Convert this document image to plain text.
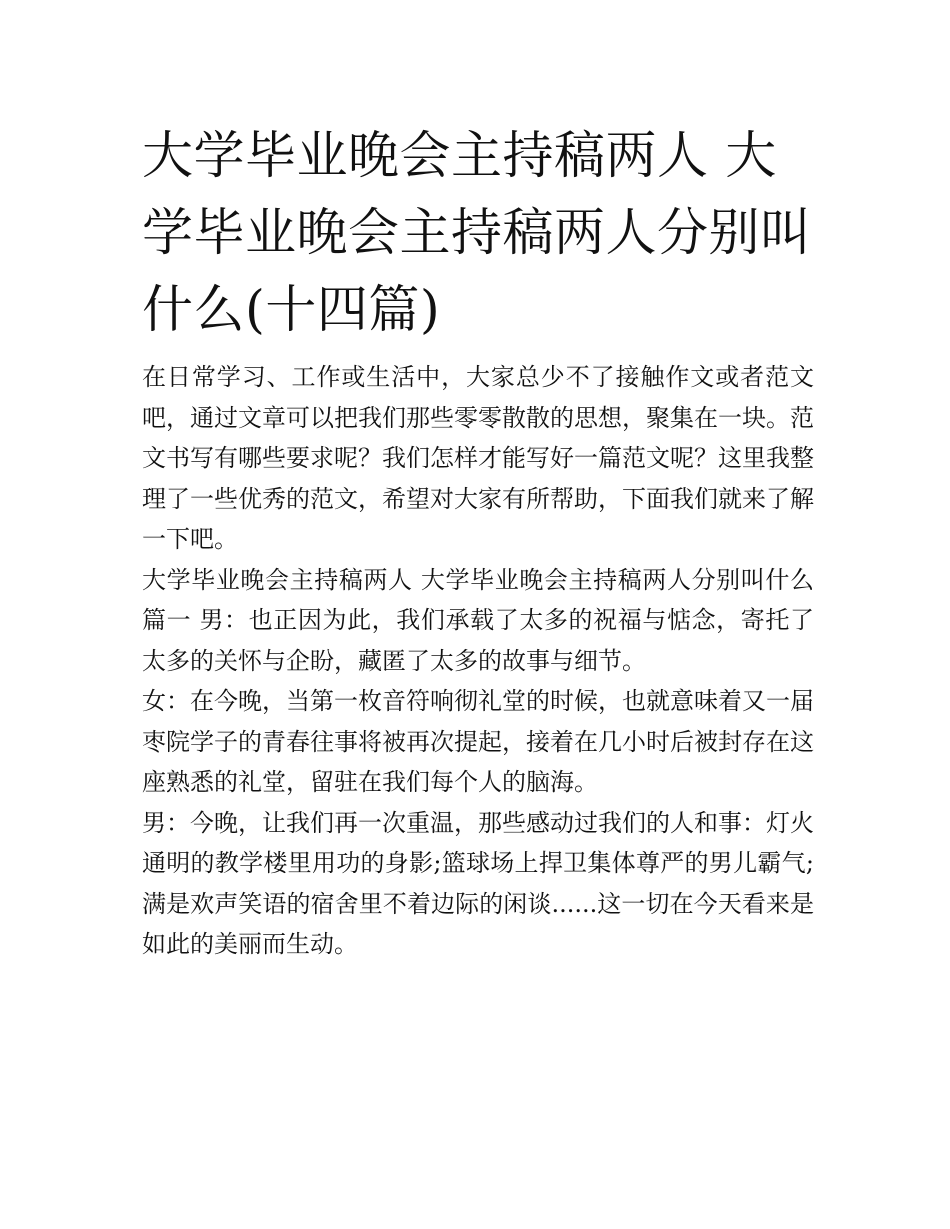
大学毕业晚会主持稿两人 大学毕业晚会主持稿两人分别叫什么(十四篇)

在日常学习、工作或生活中，大家总少不了接触作文或者范文吧，通过文章可以把我们那些零零散散的思想，聚集在一块。范文书写有哪些要求呢？我们怎样才能写好一篇范文呢？这里我整理了一些优秀的范文，希望对大家有所帮助，下面我们就来了解一下吧。

大学毕业晚会主持稿两人 大学毕业晚会主持稿两人分别叫什么篇一 男：也正因为此，我们承载了太多的祝福与惦念，寄托了太多的关怀与企盼，藏匿了太多的故事与细节。

女：在今晚，当第一枚音符响彻礼堂的时候，也就意味着又一届枣院学子的青春往事将被再次提起，接着在几小时后被封存在这座熟悉的礼堂，留驻在我们每个人的脑海。

男：今晚，让我们再一次重温，那些感动过我们的人和事：灯火通明的教学楼里用功的身影;篮球场上捍卫集体尊严的男儿霸气;满是欢声笑语的宿舍里不着边际的闲谈......这一切在今天看来是如此的美丽而生动。
